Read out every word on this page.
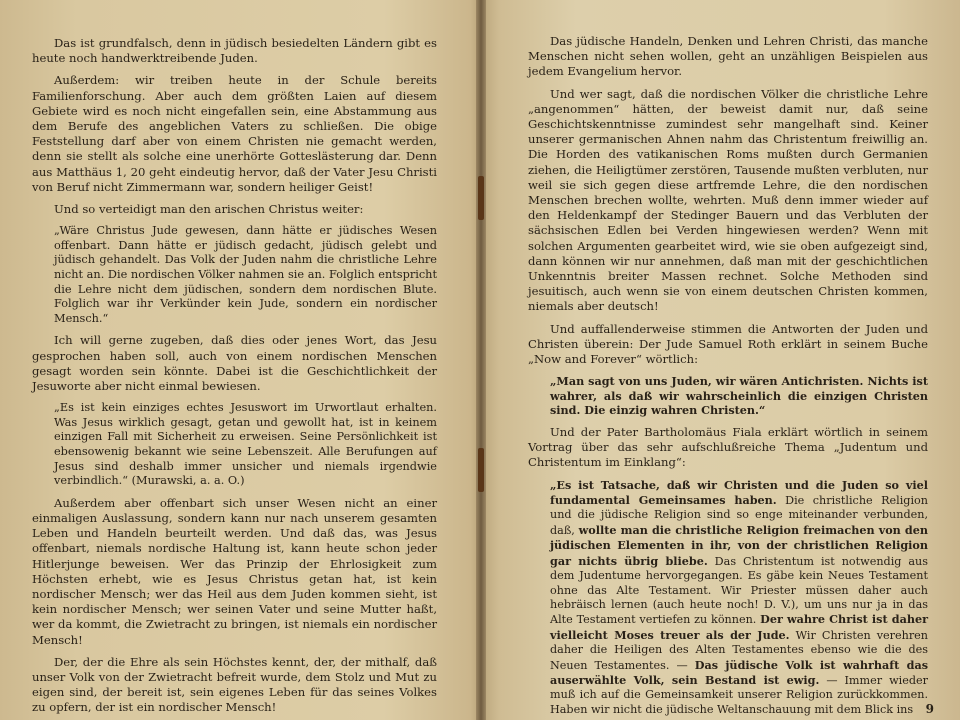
Das ist grundfalsch, denn in jüdisch besiedelten Ländern gibt es heute noch handwerktreibende Juden.

Außerdem: wir treiben heute in der Schule bereits Familienforschung. Aber auch dem größten Laien auf diesem Gebiete wird es noch nicht eingefallen sein, eine Abstammung aus dem Berufe des angeblichen Vaters zu schließen. Die obige Feststellung darf aber von einem Christen nie gemacht werden, denn sie stellt als solche eine unerhörte Gotteslästerung dar. Denn aus Matthäus 1, 20 geht eindeutig hervor, daß der Vater Jesu Christi von Beruf nicht Zimmermann war, sondern heiliger Geist!

Und so verteidigt man den arischen Christus weiter:

„Wäre Christus Jude gewesen, dann hätte er jüdisches Wesen offenbart. Dann hätte er jüdisch gedacht, jüdisch gelebt und jüdisch gehandelt. Das Volk der Juden nahm die christliche Lehre nicht an. Die nordischen Völker nahmen sie an. Folglich entspricht die Lehre nicht dem jüdischen, sondern dem nordischen Blute. Folglich war ihr Verkünder kein Jude, sondern ein nordischer Mensch.“

Ich will gerne zugeben, daß dies oder jenes Wort, das Jesu gesprochen haben soll, auch von einem nordischen Menschen gesagt worden sein könnte. Dabei ist die Geschichtlichkeit der Jesuworte aber nicht einmal bewiesen.

„Es ist kein einziges echtes Jesuswort im Urwortlaut erhalten. Was Jesus wirklich gesagt, getan und gewollt hat, ist in keinem einzigen Fall mit Sicherheit zu erweisen. Seine Persönlichkeit ist ebensowenig bekannt wie seine Lebenszeit. Alle Berufungen auf Jesus sind deshalb immer unsicher und niemals irgendwie verbindlich.“ (Murawski, a. a. O.)

Außerdem aber offenbart sich unser Wesen nicht an einer einmaligen Auslassung, sondern kann nur nach unserem gesamten Leben und Handeln beurteilt werden. Und daß das, was Jesus offenbart, niemals nordische Haltung ist, kann heute schon jeder Hitlerjunge beweisen. Wer das Prinzip der Ehrlosigkeit zum Höchsten erhebt, wie es Jesus Christus getan hat, ist kein nordischer Mensch; wer das Heil aus dem Juden kommen sieht, ist kein nordischer Mensch; wer seinen Vater und seine Mutter haßt, wer da kommt, die Zwietracht zu bringen, ist niemals ein nordischer Mensch!

Der, der die Ehre als sein Höchstes kennt, der, der mithalf, daß unser Volk von der Zwietracht befreit wurde, dem Stolz und Mut zu eigen sind, der bereit ist, sein eigenes Leben für das seines Volkes zu opfern, der ist ein nordischer Mensch!

Das jüdische Handeln, Denken und Lehren Christi, das manche Menschen nicht sehen wollen, geht an unzähligen Beispielen aus jedem Evangelium hervor.

Und wer sagt, daß die nordischen Völker die christliche Lehre „angenommen“ hätten, der beweist damit nur, daß seine Geschichtskenntnisse zumindest sehr mangelhaft sind. Keiner unserer germanischen Ahnen nahm das Christentum freiwillig an. Die Horden des vatikanischen Roms mußten durch Germanien ziehen, die Heiligtümer zerstören, Tausende mußten verbluten, nur weil sie sich gegen diese artfremde Lehre, die den nordischen Menschen brechen wollte, wehrten. Muß denn immer wieder auf den Heldenkampf der Stedinger Bauern und das Verbluten der sächsischen Edlen bei Verden hingewiesen werden? Wenn mit solchen Argumenten gearbeitet wird, wie sie oben aufgezeigt sind, dann können wir nur annehmen, daß man mit der geschichtlichen Unkenntnis breiter Massen rechnet. Solche Methoden sind jesuitisch, auch wenn sie von einem deutschen Christen kommen, niemals aber deutsch!

Und auffallenderweise stimmen die Antworten der Juden und Christen überein: Der Jude Samuel Roth erklärt in seinem Buche „Now and Forever“ wörtlich:

„Man sagt von uns Juden, wir wären Antichristen. Nichts ist wahrer, als daß wir wahrscheinlich die einzigen Christen sind. Die einzig wahren Christen.“

Und der Pater Bartholomäus Fiala erklärt wörtlich in seinem Vortrag über das sehr aufschlußreiche Thema „Judentum und Christentum im Einklang“:

„Es ist Tatsache, daß wir Christen und die Juden so viel fundamental Gemeinsames haben. Die christliche Religion und die jüdische Religion sind so enge miteinander verbunden, daß, wollte man die christliche Religion freimachen von den jüdischen Elementen in ihr, von der christlichen Religion gar nichts übrig bliebe. Das Christentum ist notwendig aus dem Judentume hervorgegangen. Es gäbe kein Neues Testament ohne das Alte Testament. Wir Priester müssen daher auch hebräisch lernen (auch heute noch! D. V.), um uns nur ja in das Alte Testament vertiefen zu können. Der wahre Christ ist daher vielleicht Moses treuer als der Jude. Wir Christen verehren daher die Heiligen des Alten Testamentes ebenso wie die des Neuen Testamentes. — Das jüdische Volk ist wahrhaft das auserwählte Volk, sein Bestand ist ewig. — Immer wieder muß ich auf die Gemeinsamkeit unserer Religion zurückkommen. Haben wir nicht die jüdische Weltanschauung mit dem Blick ins	9
